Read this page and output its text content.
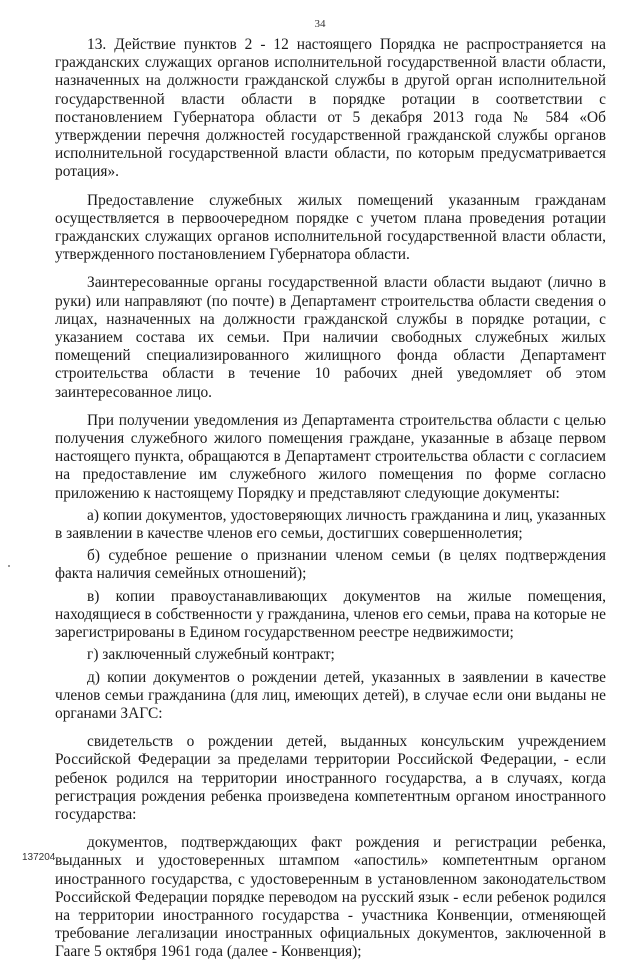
34

13. Действие пунктов 2 - 12 настоящего Порядка не распространяется на гражданских служащих органов исполнительной государственной власти области, назначенных на должности гражданской службы в другой орган исполнительной государственной власти области в порядке ротации в соответствии с постановлением Губернатора области от 5 декабря 2013 года № 584 «Об утверждении перечня должностей государственной гражданской службы органов исполнительной государственной власти области, по которым предусматривается ротация».

Предоставление служебных жилых помещений указанным гражданам осуществляется в первоочередном порядке с учетом плана проведения ротации гражданских служащих органов исполнительной государственной власти области, утвержденного постановлением Губернатора области.

Заинтересованные органы государственной власти области выдают (лично в руки) или направляют (по почте) в Департамент строительства области сведения о лицах, назначенных на должности гражданской службы в порядке ротации, с указанием состава их семьи. При наличии свободных служебных жилых помещений специализированного жилищного фонда области Департамент строительства области в течение 10 рабочих дней уведомляет об этом заинтересованное лицо.

При получении уведомления из Департамента строительства области с целью получения служебного жилого помещения граждане, указанные в абзаце первом настоящего пункта, обращаются в Департамент строительства области с согласием на предоставление им служебного жилого помещения по форме согласно приложению к настоящему Порядку и представляют следующие документы:

а) копии документов, удостоверяющих личность гражданина и лиц, указанных в заявлении в качестве членов его семьи, достигших совершеннолетия;

б) судебное решение о признании членом семьи (в целях подтверждения факта наличия семейных отношений);

в) копии правоустанавливающих документов на жилые помещения, находящиеся в собственности у гражданина, членов его семьи, права на которые не зарегистрированы в Едином государственном реестре недвижимости;

г) заключенный служебный контракт;

д) копии документов о рождении детей, указанных в заявлении в качестве членов семьи гражданина (для лиц, имеющих детей), в случае если они выданы не органами ЗАГС:

свидетельств о рождении детей, выданных консульским учреждением Российской Федерации за пределами территории Российской Федерации, - если ребенок родился на территории иностранного государства, а в случаях, когда регистрация рождения ребенка произведена компетентным органом иностранного государства:

документов, подтверждающих факт рождения и регистрации ребенка, выданных и удостоверенных штампом «апостиль» компетентным органом иностранного государства, с удостоверенным в установленном законодательством Российской Федерации порядке переводом на русский язык - если ребенок родился на территории иностранного государства - участника Конвенции, отменяющей требование легализации иностранных официальных документов, заключенной в Гааге 5 октября 1961 года (далее - Конвенция);

137204
